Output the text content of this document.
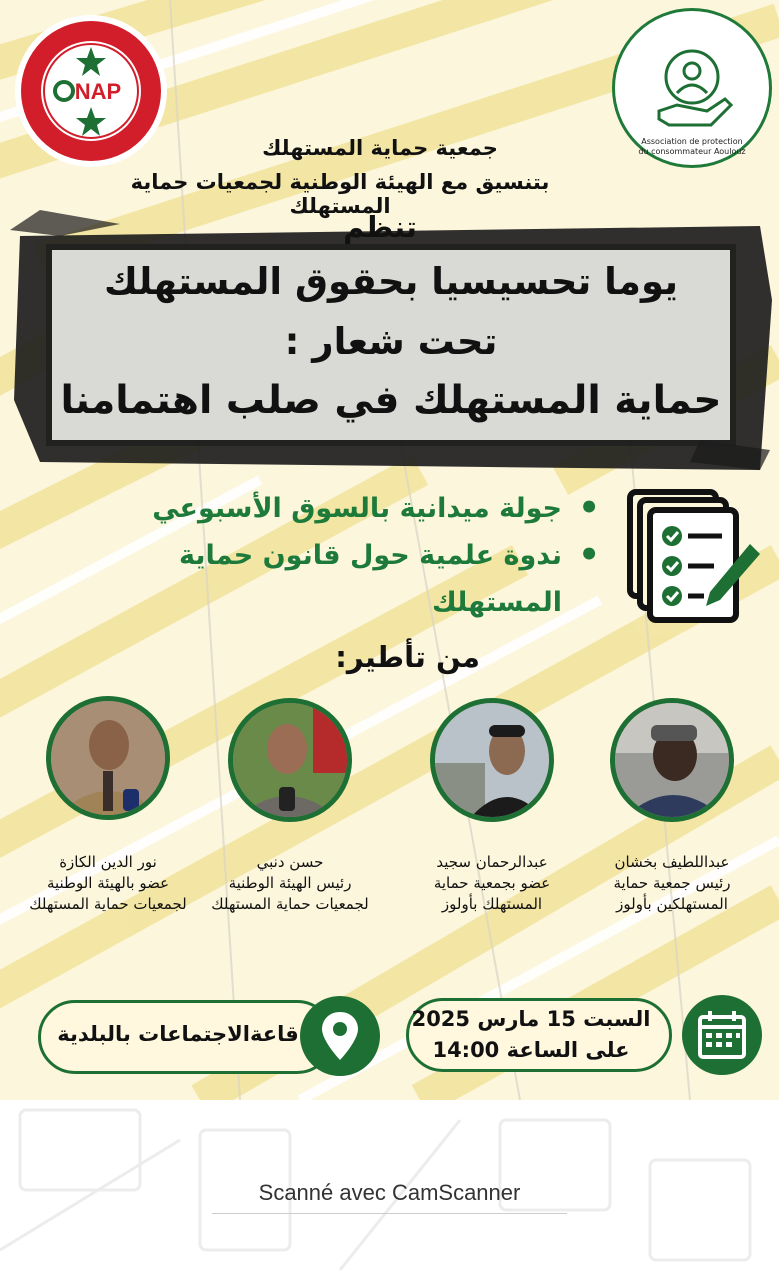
NAP
Association de protection
du consommateur Aoulouz
جمعية حماية المستهلك
بتنسيق مع الهيئة الوطنية لجمعيات حماية المستهلك
تنظم
يوما تحسيسيا بحقوق المستهلك
تحت شعار :
حماية المستهلك في صلب اهتمامنا
• جولة ميدانية بالسوق الأسبوعي
• ندوة علمية حول قانون حماية المستهلك
من تأطير:
عبداللطيف بخشان
رئيس جمعية حماية
المستهلكين بأولوز
عبدالرحمان سجيد
عضو بجمعية حماية
المستهلك بأولوز
حسن دنبي
رئيس الهيئة الوطنية
لجمعيات حماية المستهلك
نور الدين الكازة
عضو بالهيئة الوطنية
لجمعيات حماية المستهلك
السبت 15 مارس 2025
على الساعة 14:00
قاعةالاجتماعات بالبلدية
Scanné avec CamScanner
